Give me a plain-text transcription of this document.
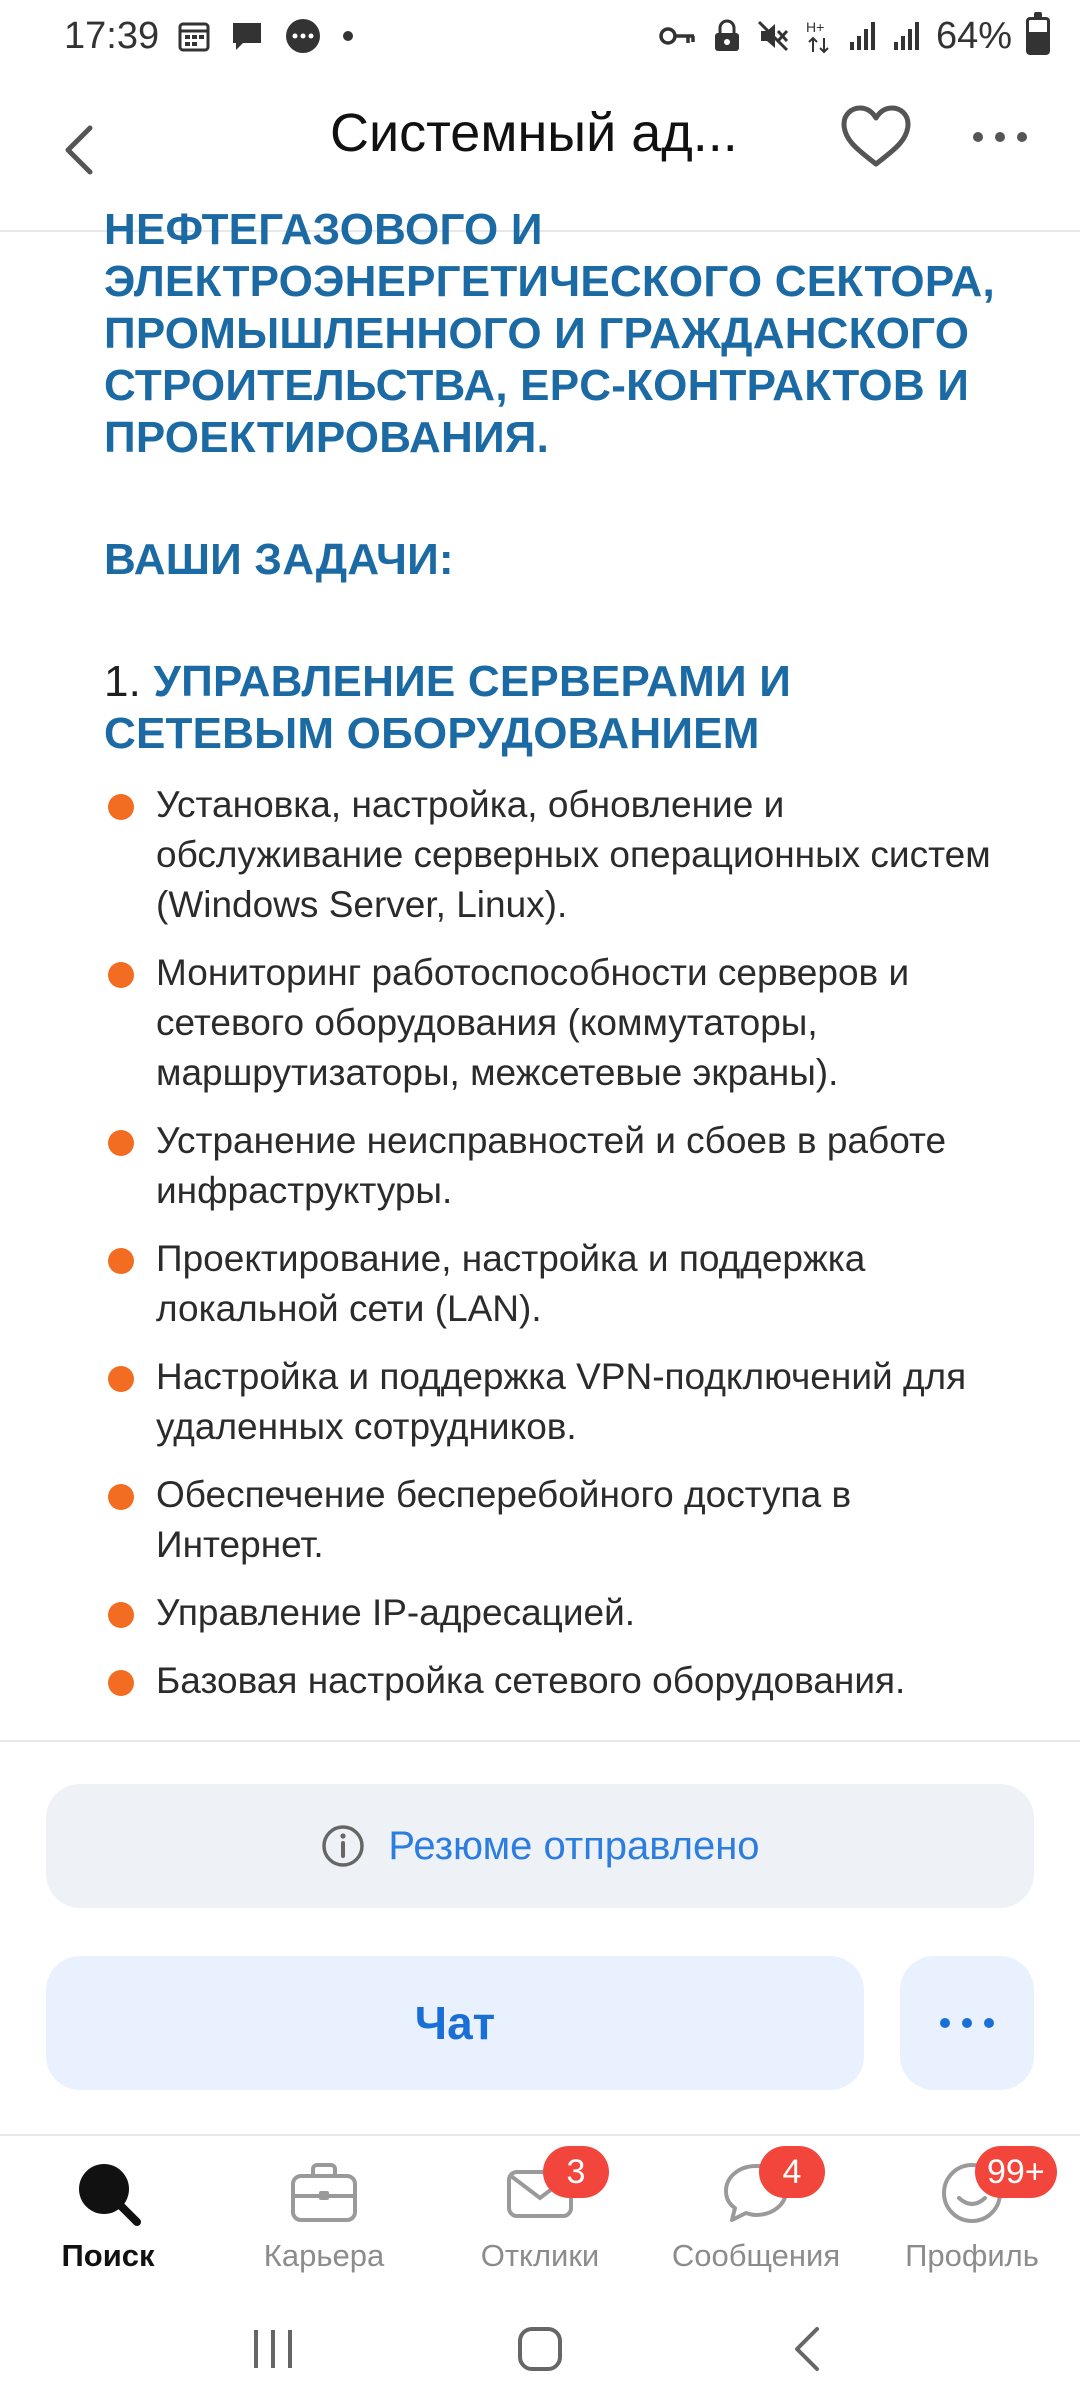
17:39	H+	64%
Системный ад...
НЕФТЕГАЗОВОГО И ЭЛЕКТРОЭНЕРГЕТИЧЕСКОГО СЕКТОРА, ПРОМЫШЛЕННОГО И ГРАЖДАНСКОГО СТРОИТЕЛЬСТВА, EPC-КОНТРАКТОВ И ПРОЕКТИРОВАНИЯ.
ВАШИ ЗАДАЧИ:
1. УПРАВЛЕНИЕ СЕРВЕРАМИ И СЕТЕВЫМ ОБОРУДОВАНИЕМ
Установка, настройка, обновление и обслуживание серверных операционных систем (Windows Server, Linux).
Мониторинг работоспособности серверов и сетевого оборудования (коммутаторы, маршрутизаторы, межсетевые экраны).
Устранение неисправностей и сбоев в работе инфраструктуры.
Проектирование, настройка и поддержка локальной сети (LAN).
Настройка и поддержка VPN-подключений для удаленных сотрудников.
Обеспечение бесперебойного доступа в Интернет.
Управление IP-адресацией.
Базовая настройка сетевого оборудования.
Резюме отправлено
Чат
Поиск	Карьера
3
Отклики
4
Сообщения
99+
Профиль
